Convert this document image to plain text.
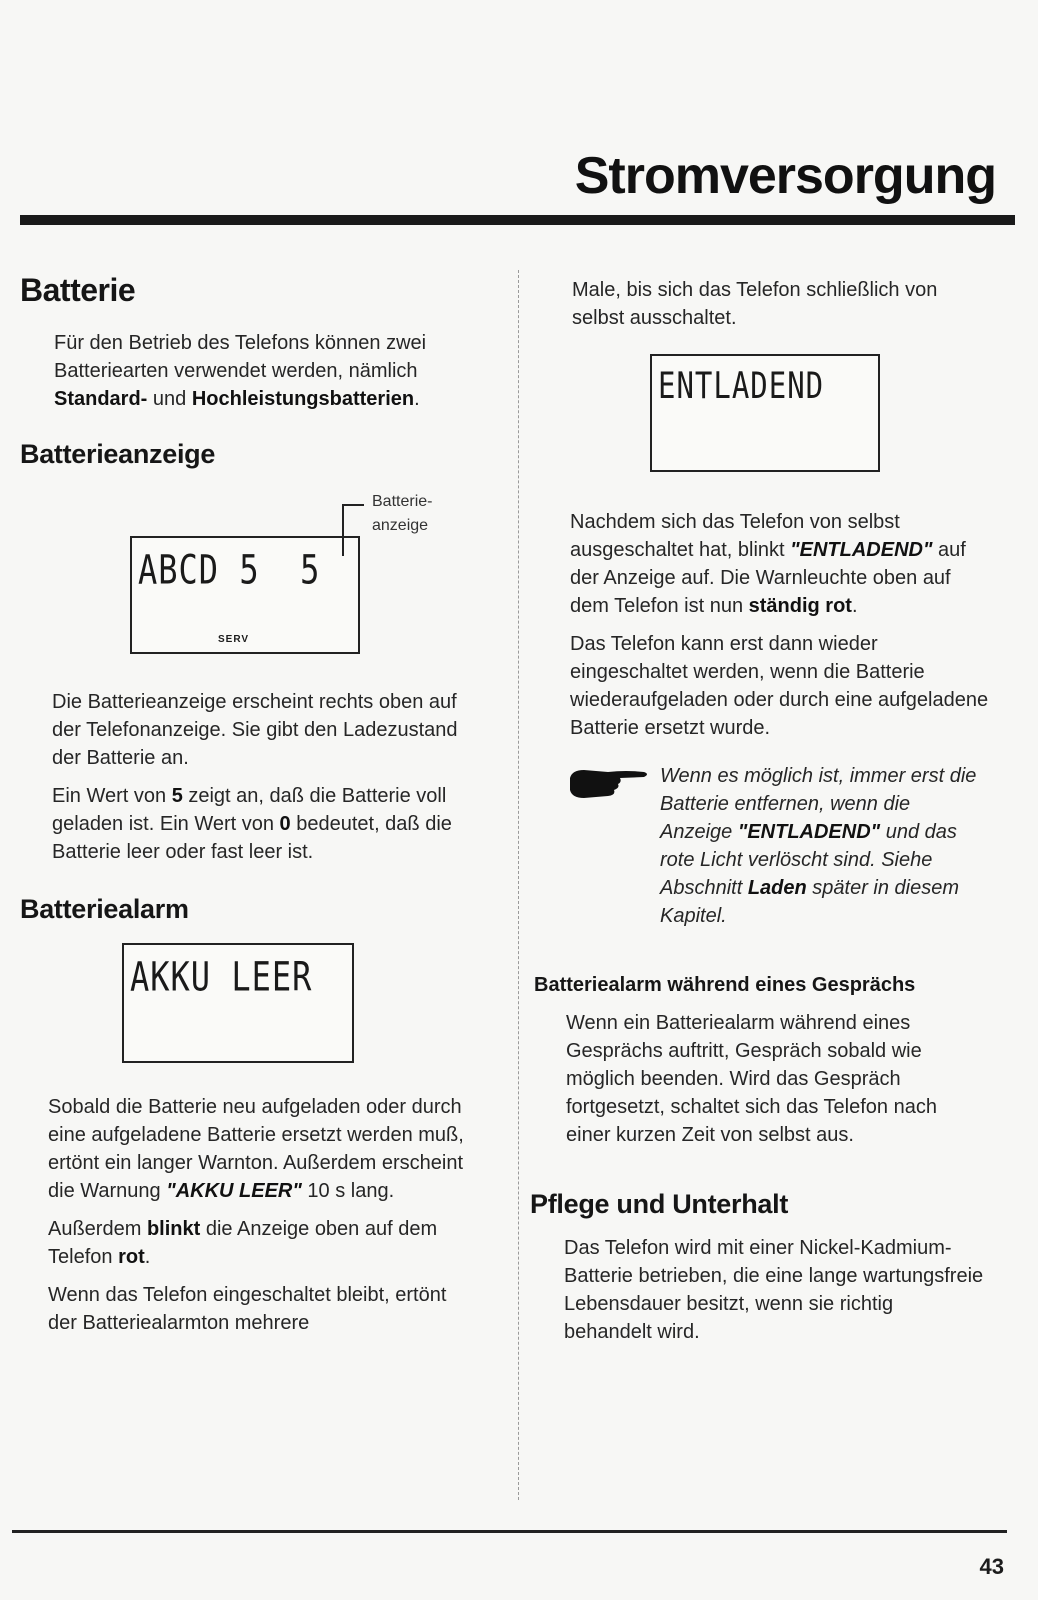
Stromversorgung
Batterie

Für den Betrieb des Telefons können zwei Batteriearten verwendet werden, nämlich Standard- und Hochleistungsbatterien.

Batterieanzeige
ABCD 5  5
SERV
Batterie-
anzeige

Die Batterieanzeige erscheint rechts oben auf der Telefonanzeige. Sie gibt den Ladezustand der Batterie an.

Ein Wert von 5 zeigt an, daß die Batterie voll geladen ist. Ein Wert von 0 bedeutet, daß die Batterie leer oder fast leer ist.

Batteriealarm
AKKU LEER

Sobald die Batterie neu aufgeladen oder durch eine aufgeladene Batterie ersetzt werden muß, ertönt ein langer Warnton. Außerdem erscheint die Warnung "AKKU LEER" 10 s lang.

Außerdem blinkt die Anzeige oben auf dem Telefon rot.

Wenn das Telefon eingeschaltet bleibt, ertönt der Batteriealarmton mehrere

Male, bis sich das Telefon schließlich von selbst ausschaltet.

ENTLADEND

Nachdem sich das Telefon von selbst ausgeschaltet hat, blinkt "ENTLADEND" auf der Anzeige auf. Die Warnleuchte oben auf dem Telefon ist nun ständig rot.

Das Telefon kann erst dann wieder eingeschaltet werden, wenn die Batterie wiederaufgeladen oder durch eine aufgeladene Batterie ersetzt wurde.

Wenn es möglich ist, immer erst die Batterie entfernen, wenn die Anzeige "ENTLADEND" und das rote Licht verlöscht sind. Siehe Abschnitt Laden später in diesem Kapitel.

Batteriealarm während eines Gesprächs

Wenn ein Batteriealarm während eines Gesprächs auftritt, Gespräch sobald wie möglich beenden. Wird das Gespräch fortgesetzt, schaltet sich das Telefon nach einer kurzen Zeit von selbst aus.

Pflege und Unterhalt

Das Telefon wird mit einer Nickel-Kadmium-Batterie betrieben, die eine lange wartungsfreie Lebensdauer besitzt, wenn sie richtig behandelt wird.

43
